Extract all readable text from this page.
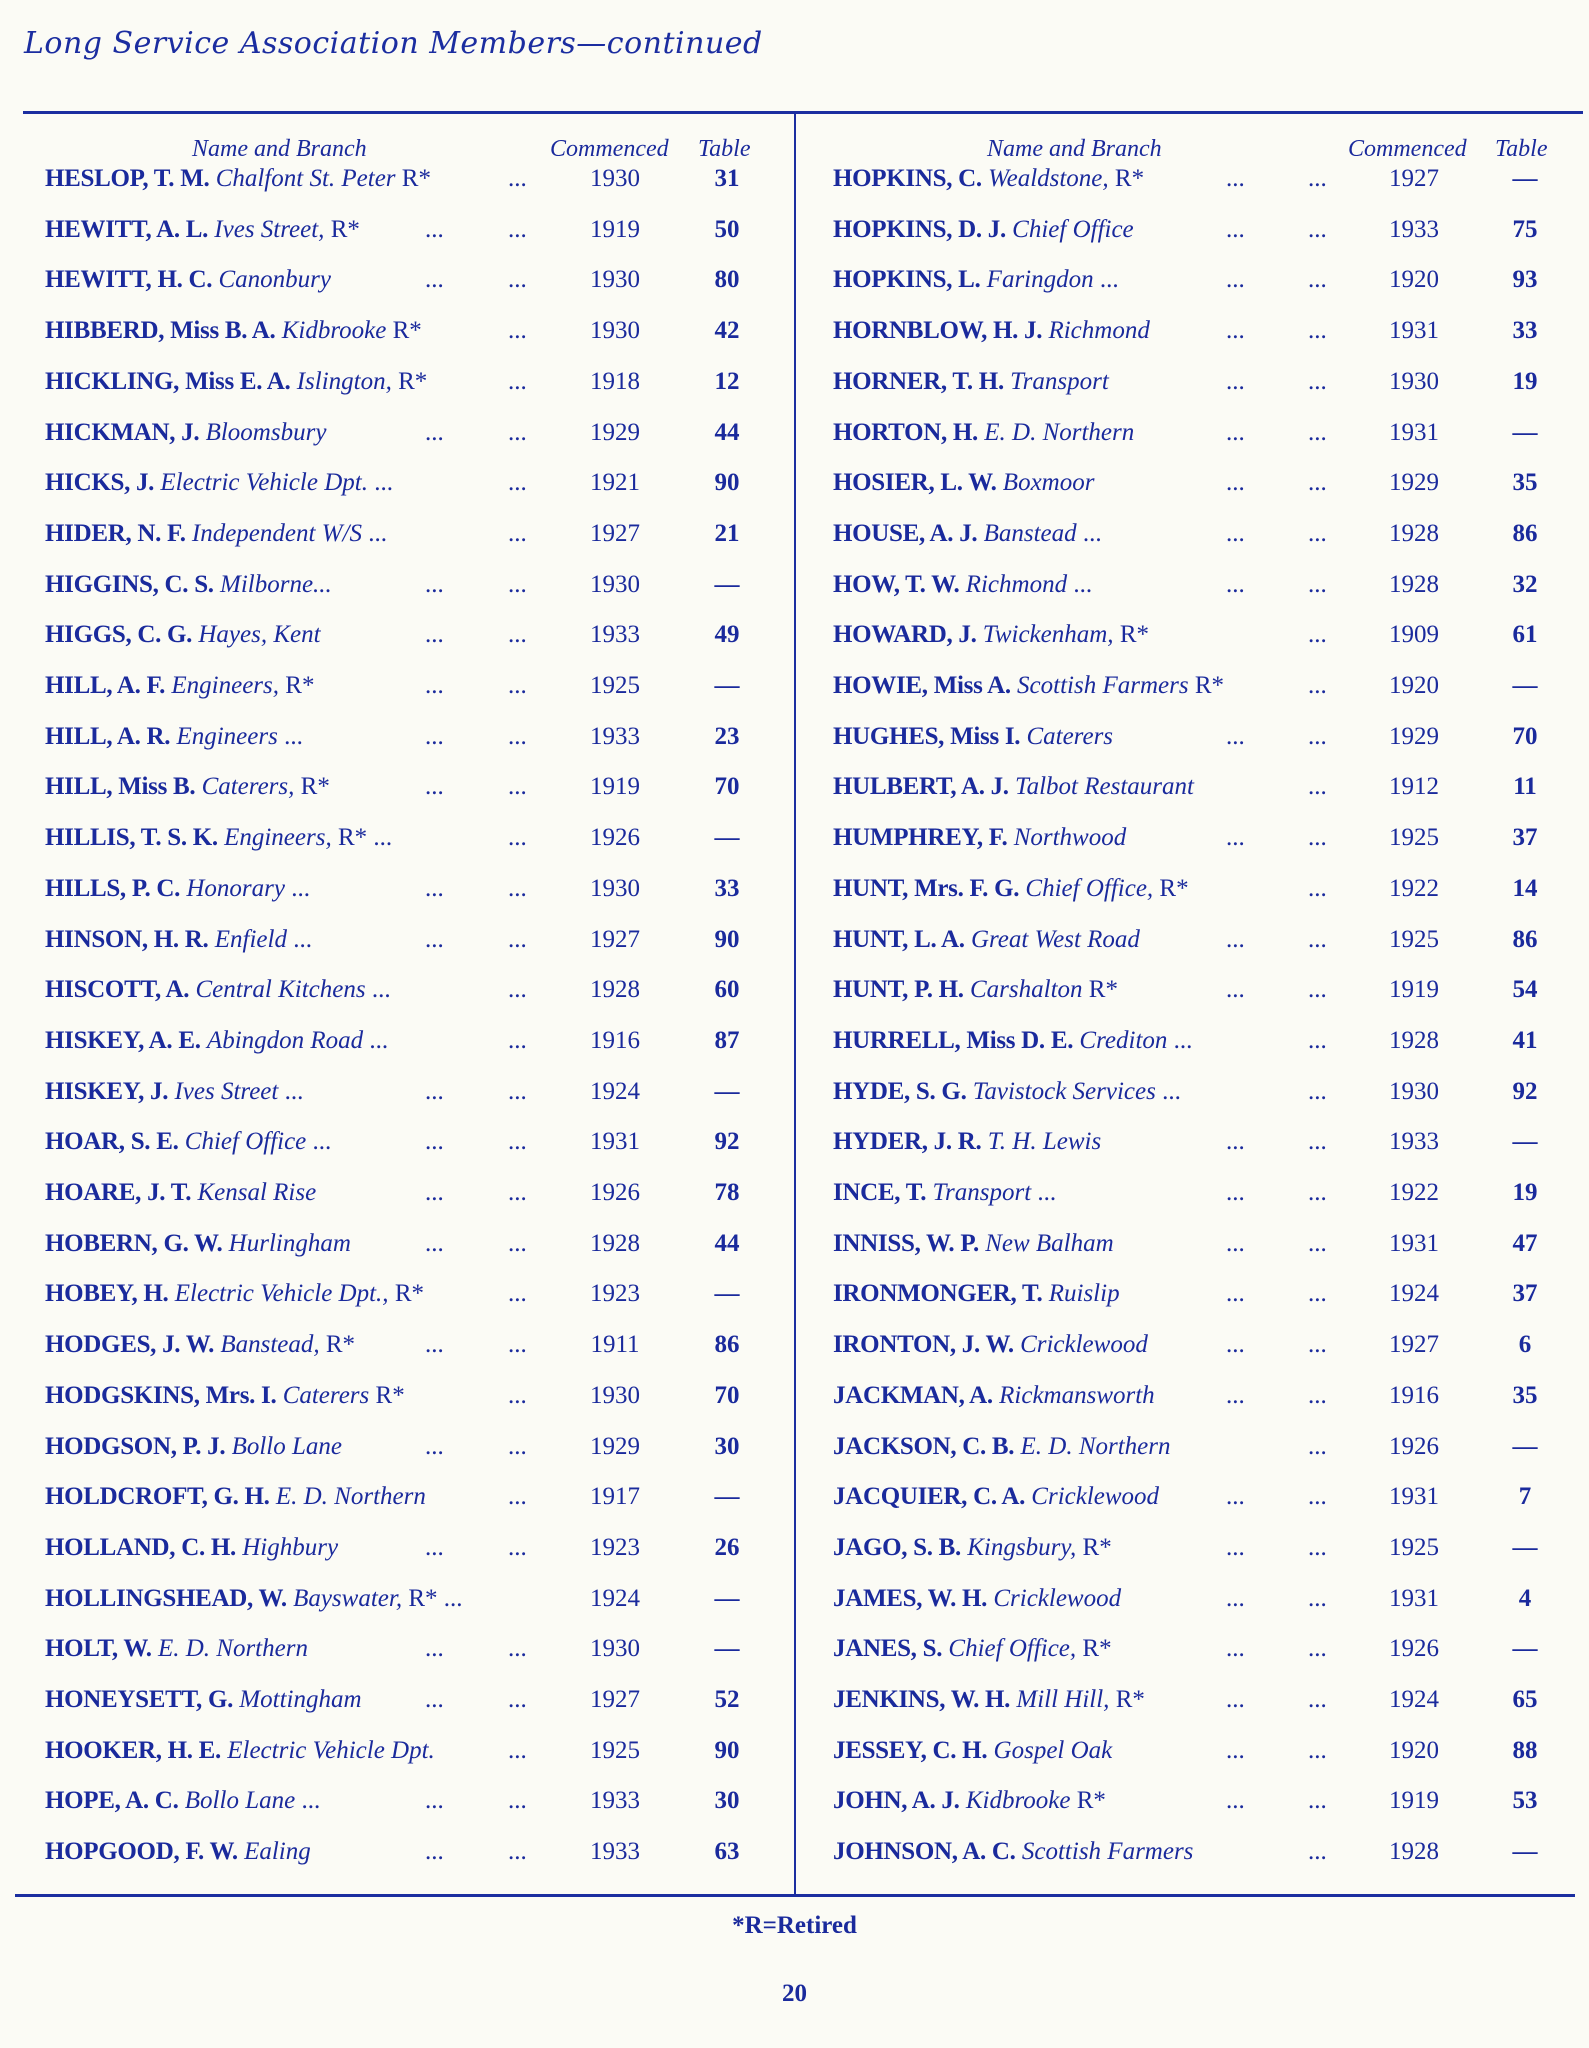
Long Service Association Members—continued
Name and Branch	Commenced Table
HESLOP, T. M. Chalfont St. Peter R*	...	1930	31
HEWITT, A. L. Ives Street, R*	...	...	1919	50
HEWITT, H. C. Canonbury	...	...	1930	80
HIBBERD, Miss B. A. Kidbrooke R*	...	1930	42
HICKLING, Miss E. A. Islington, R*	...	1918	12
HICKMAN, J. Bloomsbury	...	...	1929	44
HICKS, J. Electric Vehicle Dpt. ...	...	1921	90
HIDER, N. F. Independent W/S ...	...	1927	21
HIGGINS, C. S. Milborne...	...	...	1930	—
HIGGS, C. G. Hayes, Kent	...	...	1933	49
HILL, A. F. Engineers, R*	...	...	1925	—
HILL, A. R. Engineers ...	...	...	1933	23
HILL, Miss B. Caterers, R*	...	...	1919	70
HILLIS, T. S. K. Engineers, R* ...	...	1926	—
HILLS, P. C. Honorary ...	...	...	1930	33
HINSON, H. R. Enfield ...	...	...	1927	90
HISCOTT, A. Central Kitchens ...	...	1928	60
HISKEY, A. E. Abingdon Road ...	...	1916	87
HISKEY, J. Ives Street ...	...	...	1924	—
HOAR, S. E. Chief Office ...	...	...	1931	92
HOARE, J. T. Kensal Rise	...	...	1926	78
HOBERN, G. W. Hurlingham	...	...	1928	44
HOBEY, H. Electric Vehicle Dpt., R*	...	1923	—
HODGES, J. W. Banstead, R*	...	...	1911	86
HODGSKINS, Mrs. I. Caterers R*	...	1930	70
HODGSON, P. J. Bollo Lane	...	...	1929	30
HOLDCROFT, G. H. E. D. Northern	...	1917	—
HOLLAND, C. H. Highbury	...	...	1923	26
HOLLINGSHEAD, W. Bayswater, R* ...	1924	—
HOLT, W. E. D. Northern	...	...	1930	—
HONEYSETT, G. Mottingham	...	...	1927	52
HOOKER, H. E. Electric Vehicle Dpt.	...	1925	90
HOPE, A. C. Bollo Lane ...	...	...	1933	30
HOPGOOD, F. W. Ealing	...	...	1933	63
Name and Branch	Commenced Table
HOPKINS, C. Wealdstone, R*	...	...	1927	—
HOPKINS, D. J. Chief Office	...	...	1933	75
HOPKINS, L. Faringdon ...	...	...	1920	93
HORNBLOW, H. J. Richmond	...	...	1931	33
HORNER, T. H. Transport	...	...	1930	19
HORTON, H. E. D. Northern	...	...	1931	—
HOSIER, L. W. Boxmoor	...	...	1929	35
HOUSE, A. J. Banstead ...	...	...	1928	86
HOW, T. W. Richmond ...	...	...	1928	32
HOWARD, J. Twickenham, R*	...	1909	61
HOWIE, Miss A. Scottish Farmers R*	...	1920	—
HUGHES, Miss I. Caterers	...	...	1929	70
HULBERT, A. J. Talbot Restaurant	...	1912	11
HUMPHREY, F. Northwood	...	...	1925	37
HUNT, Mrs. F. G. Chief Office, R*	...	1922	14
HUNT, L. A. Great West Road	...	...	1925	86
HUNT, P. H. Carshalton R*	...	...	1919	54
HURRELL, Miss D. E. Crediton ...	...	1928	41
HYDE, S. G. Tavistock Services ...	...	1930	92
HYDER, J. R. T. H. Lewis	...	...	1933	—
INCE, T. Transport ...	...	...	1922	19
INNISS, W. P. New Balham	...	...	1931	47
IRONMONGER, T. Ruislip	...	...	1924	37
IRONTON, J. W. Cricklewood	...	...	1927	6
JACKMAN, A. Rickmansworth	...	...	1916	35
JACKSON, C. B. E. D. Northern	...	1926	—
JACQUIER, C. A. Cricklewood	...	...	1931	7
JAGO, S. B. Kingsbury, R*	...	...	1925	—
JAMES, W. H. Cricklewood	...	...	1931	4
JANES, S. Chief Office, R*	...	...	1926	—
JENKINS, W. H. Mill Hill, R*	...	...	1924	65
JESSEY, C. H. Gospel Oak	...	...	1920	88
JOHN, A. J. Kidbrooke R*	...	...	1919	53
JOHNSON, A. C. Scottish Farmers	...	1928	—
*R=Retired
20
